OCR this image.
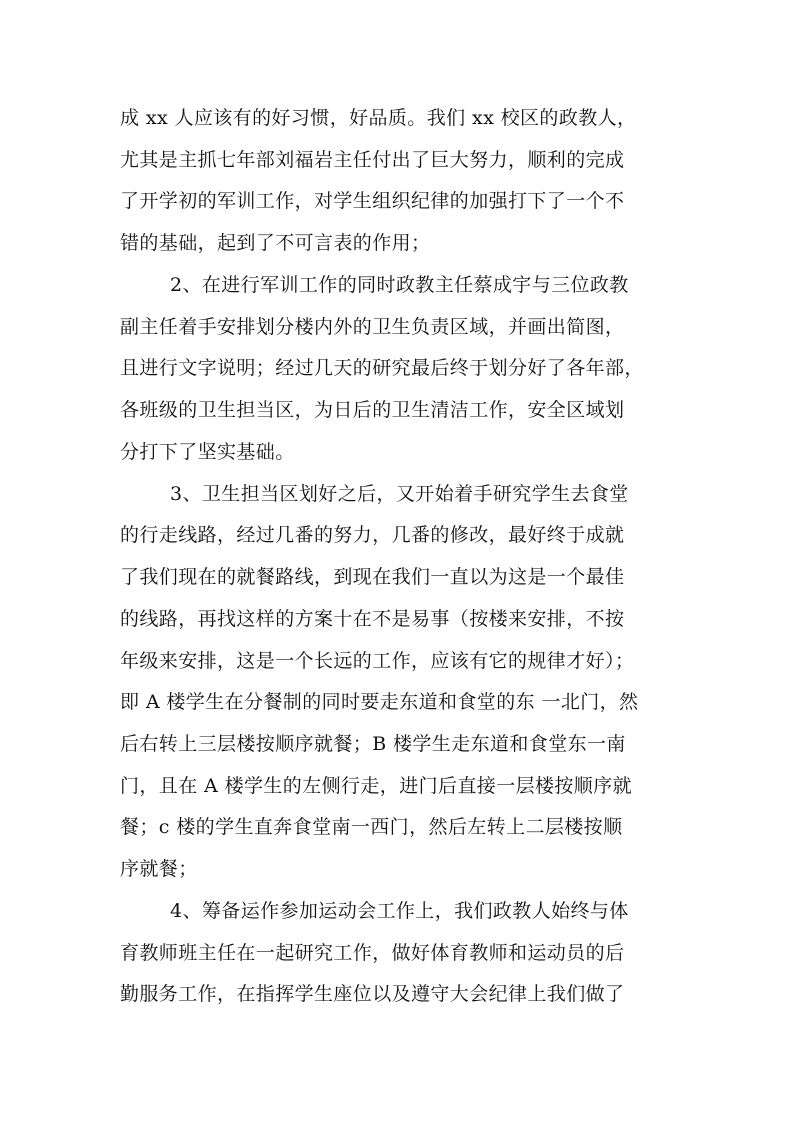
成 xx 人应该有的好习惯，好品质。我们 xx 校区的政教人，
尤其是主抓七年部刘福岩主任付出了巨大努力，顺利的完成
了开学初的军训工作，对学生组织纪律的加强打下了一个不
错的基础，起到了不可言表的作用；
2、在进行军训工作的同时政教主任蔡成宇与三位政教
副主任着手安排划分楼内外的卫生负责区域，并画出简图，
且进行文字说明；经过几天的研究最后终于划分好了各年部，
各班级的卫生担当区，为日后的卫生清洁工作，安全区域划
分打下了坚实基础。
3、卫生担当区划好之后，又开始着手研究学生去食堂
的行走线路，经过几番的努力，几番的修改，最好终于成就
了我们现在的就餐路线，到现在我们一直以为这是一个最佳
的线路，再找这样的方案十在不是易事（按楼来安排，不按
年级来安排，这是一个长远的工作，应该有它的规律才好）；
即 A 楼学生在分餐制的同时要走东道和食堂的东 一北门，然
后右转上三层楼按顺序就餐；B 楼学生走东道和食堂东一南
门，且在 A 楼学生的左侧行走，进门后直接一层楼按顺序就
餐；c 楼的学生直奔食堂南一西门，然后左转上二层楼按顺
序就餐；
4、筹备运作参加运动会工作上，我们政教人始终与体
育教师班主任在一起研究工作，做好体育教师和运动员的后
勤服务工作，在指挥学生座位以及遵守大会纪律上我们做了
